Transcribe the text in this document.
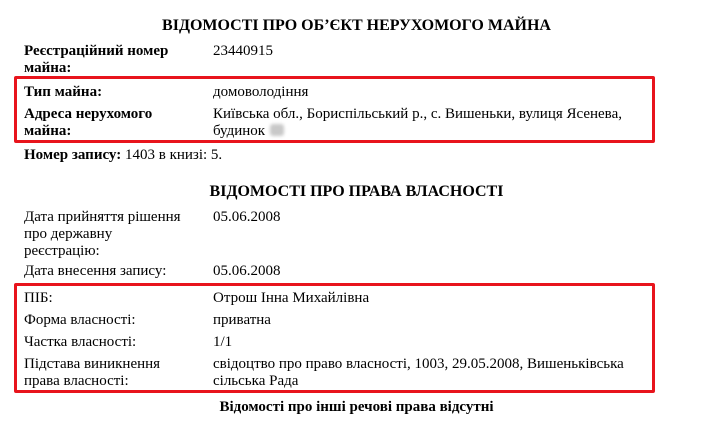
ВІДОМОСТІ ПРО ОБ’ЄКТ НЕРУХОМОГО МАЙНА
Реєстраційний номер
майна:
23440915
Тип майна:	домоволодіння
Адреса нерухомого
майна:
Київська обл., Бориспільський р., с. Вишеньки, вулиця Ясенева,
будинок
Номер запису: 1403 в книзі: 5.
ВІДОМОСТІ ПРО ПРАВА ВЛАСНОСТІ
Дата прийняття рішення
про державну
реєстрацію:
05.06.2008
Дата внесення запису:	05.06.2008
ПІБ:	Отрош Інна Михайлівна
Форма власності:	приватна
Частка власності:	1/1
Підстава виникнення
права власності:
свідоцтво про право власності, 1003, 29.05.2008, Вишеньківська
сільська Рада
Відомості про інші речові права відсутні
